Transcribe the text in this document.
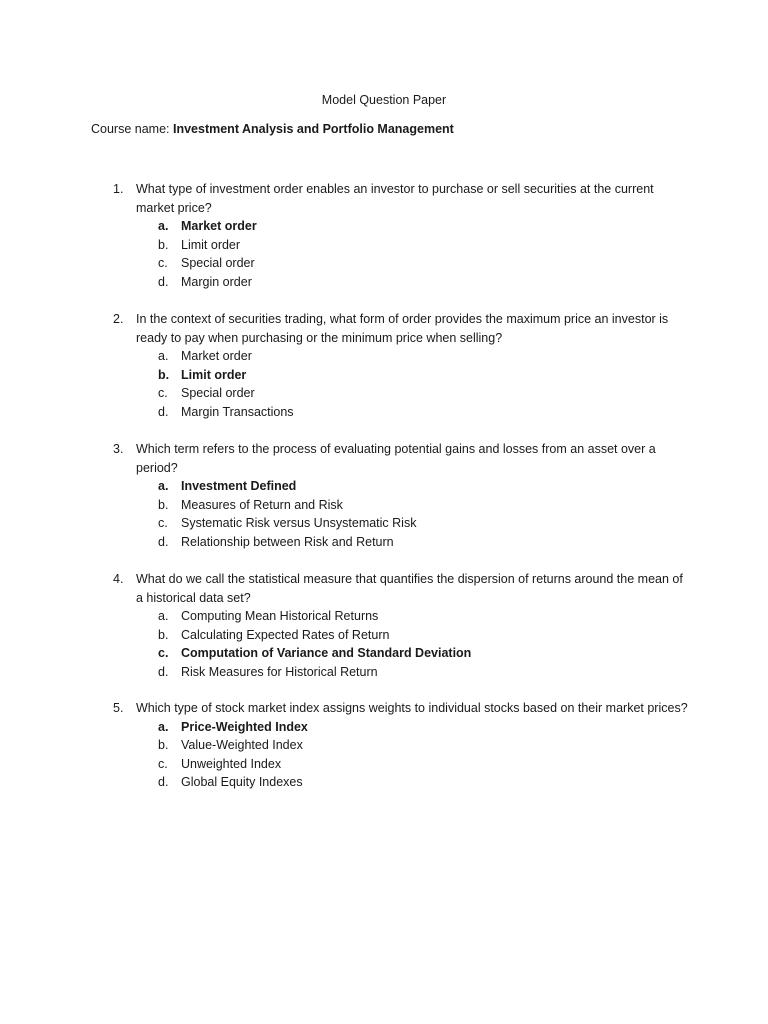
Model Question Paper
Course name: Investment Analysis and Portfolio Management
1. What type of investment order enables an investor to purchase or sell securities at the current market price?
a. Market order
b. Limit order
c. Special order
d. Margin order
2. In the context of securities trading, what form of order provides the maximum price an investor is ready to pay when purchasing or the minimum price when selling?
a. Market order
b. Limit order
c. Special order
d. Margin Transactions
3. Which term refers to the process of evaluating potential gains and losses from an asset over a period?
a. Investment Defined
b. Measures of Return and Risk
c. Systematic Risk versus Unsystematic Risk
d. Relationship between Risk and Return
4. What do we call the statistical measure that quantifies the dispersion of returns around the mean of a historical data set?
a. Computing Mean Historical Returns
b. Calculating Expected Rates of Return
c. Computation of Variance and Standard Deviation
d. Risk Measures for Historical Return
5. Which type of stock market index assigns weights to individual stocks based on their market prices?
a. Price-Weighted Index
b. Value-Weighted Index
c. Unweighted Index
d. Global Equity Indexes
